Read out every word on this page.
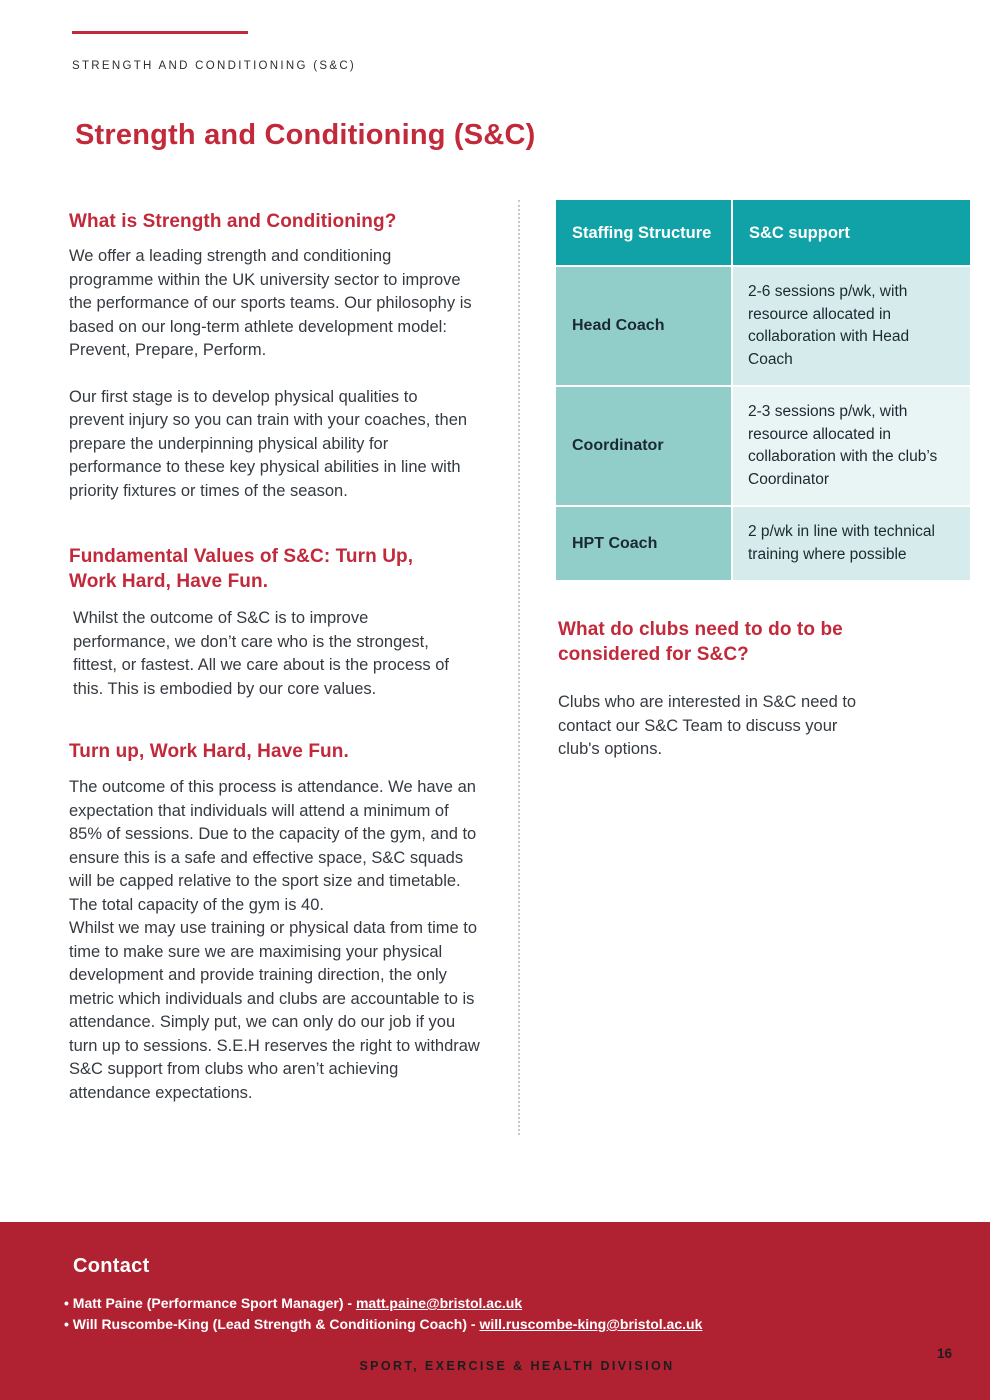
STRENGTH AND CONDITIONING (S&C)
Strength and Conditioning (S&C)
What is Strength and Conditioning?

We offer a leading strength and conditioning programme within the UK university sector to improve the performance of our sports teams. Our philosophy is based on our long-term athlete development model: Prevent, Prepare, Perform.

Our first stage is to develop physical qualities to prevent injury so you can train with your coaches, then prepare the underpinning physical ability for performance to these key physical abilities in line with priority fixtures or times of the season.

Fundamental Values of S&C: Turn Up, Work Hard, Have Fun.

Whilst the outcome of S&C is to improve performance, we don’t care who is the strongest, fittest, or fastest. All we care about is the process of this. This is embodied by our core values.

Turn up, Work Hard, Have Fun.

The outcome of this process is attendance. We have an expectation that individuals will attend a minimum of 85% of sessions. Due to the capacity of the gym, and to ensure this is a safe and effective space, S&C squads will be capped relative to the sport size and timetable. The total capacity of the gym is 40.

Whilst we may use training or physical data from time to time to make sure we are maximising your physical development and provide training direction, the only metric which individuals and clubs are accountable to is attendance. Simply put, we can only do our job if you turn up to sessions. S.E.H reserves the right to withdraw S&C support from clubs who aren’t achieving attendance expectations.

Staffing Structure S&C support
Head Coach
2-6 sessions p/wk, with resource allocated in collaboration with Head Coach
Coordinator
2-3 sessions p/wk, with resource allocated in collaboration with the club’s Coordinator
HPT Coach
2 p/wk in line with technical training where possible
What do clubs need to do to be considered for S&C?

Clubs who are interested in S&C need to contact our S&C Team to discuss your club's options.

Contact
• Matt Paine (Performance Sport Manager) - matt.paine@bristol.ac.uk
• Will Ruscombe-King (Lead Strength & Conditioning Coach) - will.ruscombe-king@bristol.ac.uk
SPORT, EXERCISE & HEALTH DIVISION
16
